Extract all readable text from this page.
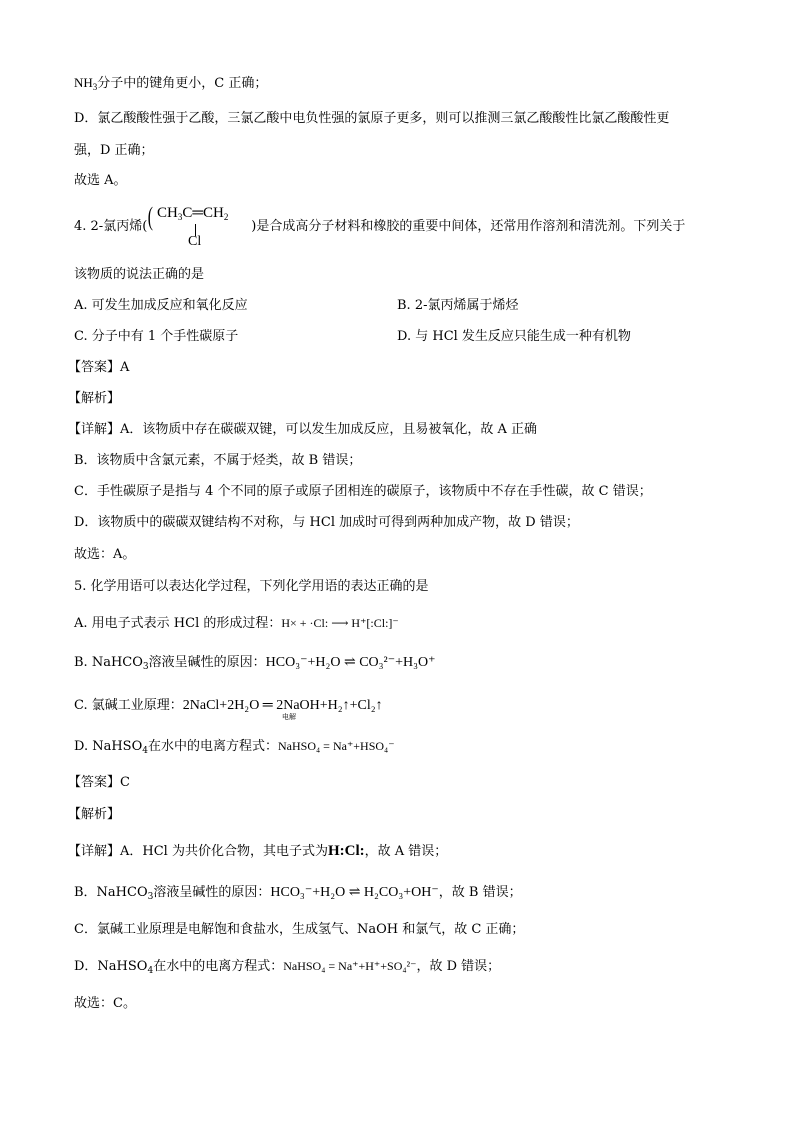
$NH_3$分子中的键角更小，C 正确；
D．氯乙酸酸性强于乙酸，三氯乙酸中电负性强的氯原子更多，则可以推测三氯乙酸酸性比氯乙酸酸性更
强，D 正确；
故选 A。
4. 2-氯丙烯(	)是合成高分子材料和橡胶的重要中间体，还常用作溶剂和清洗剂。下列关于
$CH_3C═CH_2$
(
Cl
该物质的说法正确的是
A. 可发生加成反应和氧化反应	B. 2-氯丙烯属于烯烃
C. 分子中有 1 个手性碳原子	D. 与 HCl 发生反应只能生成一种有机物
【答案】A
【解析】
【详解】A．该物质中存在碳碳双键，可以发生加成反应，且易被氧化，故 A 正确
B．该物质中含氯元素，不属于烃类，故 B 错误；
C．手性碳原子是指与 4 个不同的原子或原子团相连的碳原子，该物质中不存在手性碳，故 C 错误；
D．该物质中的碳碳双键结构不对称，与 HCl 加成时可得到两种加成产物，故 D 错误；
故选：A。
5. 化学用语可以表达化学过程，下列化学用语的表达正确的是
A. 用电子式表示 HCl 的形成过程：H× + ·Cl: ⟶ H⁺[:Cl:]⁻
B. NaHCO$_3$溶液呈碱性的原因：HCO₃⁻+H₂O ⇌ CO₃²⁻+H₃O⁺
C. 氯碱工业原理：2NaCl+2H₂O ═ 2NaOH+H₂↑+Cl₂↑
电解
D. NaHSO$_4$在水中的电离方程式：NaHSO₄ = Na⁺+HSO₄⁻
【答案】C
【解析】
【详解】A．HCl 为共价化合物，其电子式为H:Cl:，故 A 错误；
B．NaHCO$_3$溶液呈碱性的原因：HCO₃⁻+H₂O ⇌ H₂CO₃+OH⁻，故 B 错误；
C．氯碱工业原理是电解饱和食盐水，生成氢气、NaOH 和氯气，故 C 正确；
D．NaHSO$_4$在水中的电离方程式：NaHSO₄ = Na⁺+H⁺+SO₄²⁻，故 D 错误；
故选：C。
